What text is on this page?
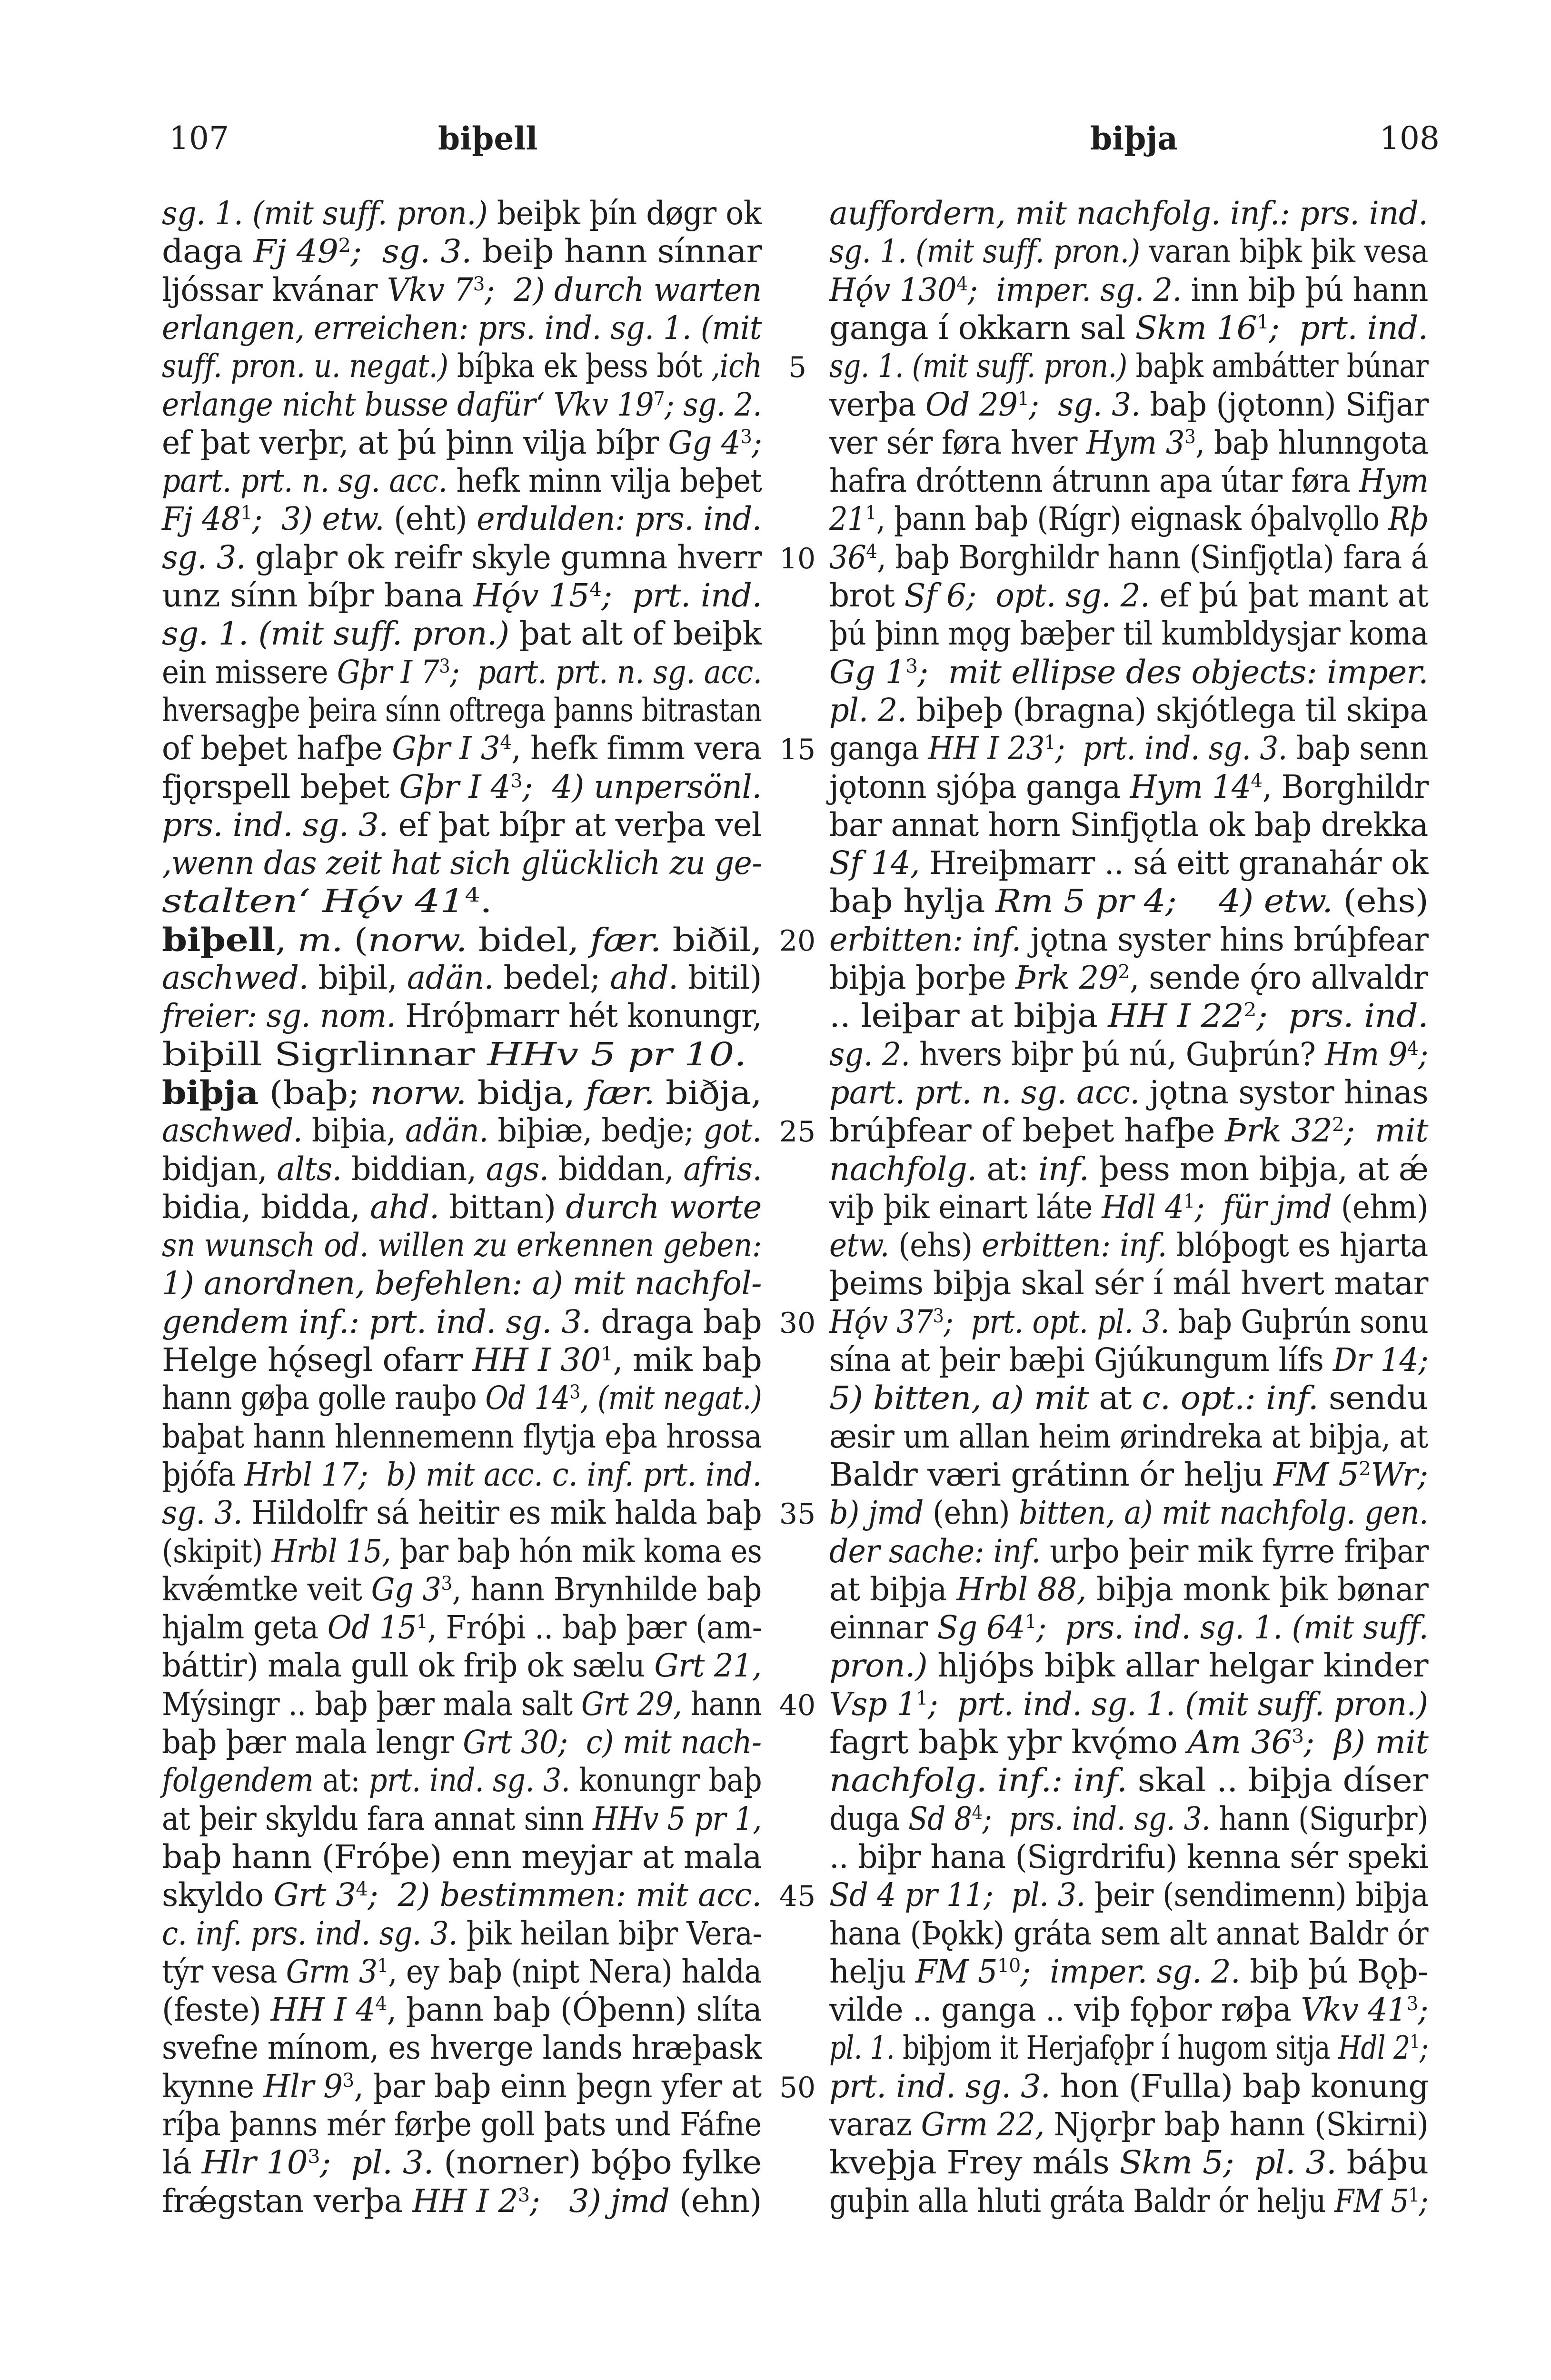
107	biþell	biþja	108
sg. 1. (mit suff. pron.) beiþk þín døgr ok
daga Fj $49^2$;  sg. 3. beiþ hann sínnar
ljóssar kvánar Vkv $7^3$;  2) durch warten
erlangen, erreichen: prs. ind. sg. 1. (mit
suff. pron. u. negat.) bíþka ek þess bót ‚ich
erlange nicht busse dafür‘ Vkv $19^7$; sg. 2.
ef þat verþr, at þú þinn vilja bíþr Gg $4^3$;
part. prt. n. sg. acc. hefk minn vilja beþet
Fj $48^1$;  3) etw. (eht) erdulden: prs. ind.
sg. 3. glaþr ok reifr skyle gumna hverr
unz sínn bíþr bana Hǫ́v $15^4$;  prt. ind.
sg. 1. (mit suff. pron.) þat alt of beiþk
ein missere Gþr I $7^3$;  part. prt. n. sg. acc.
hversagþe þeira sínn oftrega þanns bitrastan
of beþet hafþe Gþr I $3^4$, hefk fimm vera
fjǫrspell beþet Gþr I $4^3$;  4) unpersönl.
prs. ind. sg. 3. ef þat bíþr at verþa vel
‚wenn das zeit hat sich glücklich zu ge-
stalten‘ Hǫ́v $41^4$.
biþell, m. (norw. bidel, fær. biðil,
aschwed. biþil, adän. bedel; ahd. bitil)
freier: sg. nom. Hróþmarr hét konungr,
biþill Sigrlinnar HHv 5 pr 10.
biþja (baþ; norw. bidja, fær. biðja,
aschwed. biþia, adän. biþiæ, bedje; got.
bidjan, alts. biddian, ags. biddan, afris.
bidia, bidda, ahd. bittan) durch worte
sn wunsch od. willen zu erkennen geben:
1) anordnen, befehlen: a) mit nachfol-
gendem inf.: prt. ind. sg. 3. draga baþ
Helge hǫ́segl ofarr HH I $30^1$, mik baþ
hann gøþa golle rauþo Od $14^3$, (mit negat.)
baþat hann hlennemenn flytja eþa hrossa
þjófa Hrbl 17;  b) mit acc. c. inf. prt. ind.
sg. 3. Hildolfr sá heitir es mik halda baþ
(skipit) Hrbl 15, þar baþ hón mik koma es
kvǽmtke veit Gg $3^3$, hann Brynhilde baþ
hjalm geta Od $15^1$, Fróþi .. baþ þær (am-
báttir) mala gull ok friþ ok sælu Grt 21,
Mýsingr .. baþ þær mala salt Grt 29, hann
baþ þær mala lengr Grt 30;  c) mit nach-
folgendem at: prt. ind. sg. 3. konungr baþ
at þeir skyldu fara annat sinn HHv 5 pr 1,
baþ hann (Fróþe) enn meyjar at mala
skyldo Grt $3^4$;  2) bestimmen: mit acc.
c. inf. prs. ind. sg. 3. þik heilan biþr Vera-
týr vesa Grm $3^1$, ey baþ (nipt Nera) halda
(feste) HH I $4^4$, þann baþ (Óþenn) slíta
svefne mínom, es hverge lands hræþask
kynne Hlr $9^3$, þar baþ einn þegn yfer at
ríþa þanns mér førþe goll þats und Fáfne
lá Hlr $10^3$;  pl. 3. (norner) bǫ́þo fylke
frǽgstan verþa HH I $2^3$;   3) jmd (ehn)
5
10
15
20
25
30
35
40
45
50
auffordern, mit nachfolg. inf.: prs. ind.
sg. 1. (mit suff. pron.) varan biþk þik vesa
Hǫ́v $130^4$;  imper. sg. 2. inn biþ þú hann
ganga í okkarn sal Skm $16^1$;  prt. ind.
sg. 1. (mit suff. pron.) baþk ambátter búnar
verþa Od $29^1$;  sg. 3. baþ (jǫtonn) Sifjar
ver sér føra hver Hym $3^3$, baþ hlunngota
hafra dróttenn átrunn apa útar føra Hym
$21^1$, þann baþ (Rígr) eignask óþalvǫllo Rþ
$36^4$, baþ Borghildr hann (Sinfjǫtla) fara á
brot Sf 6;  opt. sg. 2. ef þú þat mant at
þú þinn mǫg bæþer til kumbldysjar koma
Gg $1^3$;  mit ellipse des objects: imper.
pl. 2. biþeþ (bragna) skjótlega til skipa
ganga HH I $23^1$;  prt. ind. sg. 3. baþ senn
jǫtonn sjóþa ganga Hym $14^4$, Borghildr
bar annat horn Sinfjǫtla ok baþ drekka
Sf 14, Hreiþmarr .. sá eitt granahár ok
baþ hylja Rm 5 pr 4;    4) etw. (ehs)
erbitten: inf. jǫtna syster hins brúþfear
biþja þorþe Þrk $29^2$, sende ǫ́ro allvaldr
.. leiþar at biþja HH I $22^2$;  prs. ind.
sg. 2. hvers biþr þú nú, Guþrún? Hm $9^4$;
part. prt. n. sg. acc. jǫtna systor hinas
brúþfear of beþet hafþe Þrk $32^2$;  mit
nachfolg. at: inf. þess mon biþja, at ǽ
viþ þik einart láte Hdl $4^1$;  für jmd (ehm)
etw. (ehs) erbitten: inf. blóþogt es hjarta
þeims biþja skal sér í mál hvert matar
Hǫ́v $37^3$;  prt. opt. pl. 3. baþ Guþrún sonu
sína at þeir bæþi Gjúkungum lífs Dr 14;
5) bitten, a) mit at c. opt.: inf. sendu
æsir um allan heim ørindreka at biþja, at
Baldr væri grátinn ór helju FM $5^2Wr$;
b) jmd (ehn) bitten, a) mit nachfolg. gen.
der sache: inf. urþo þeir mik fyrre friþar
at biþja Hrbl 88, biþja monk þik bønar
einnar Sg $64^1$;  prs. ind. sg. 1. (mit suff.
pron.) hljóþs biþk allar helgar kinder
Vsp $1^1$;  prt. ind. sg. 1. (mit suff. pron.)
fagrt baþk yþr kvǫ́mo Am $36^3$;  β) mit
nachfolg. inf.: inf. skal .. biþja díser
duga Sd $8^4$;  prs. ind. sg. 3. hann (Sigurþr)
.. biþr hana (Sigrdrifu) kenna sér speki
Sd 4 pr 11;  pl. 3. þeir (sendimenn) biþja
hana (Þǫkk) gráta sem alt annat Baldr ór
helju FM $5^{10}$;  imper. sg. 2. biþ þú Bǫþ-
vilde .. ganga .. viþ fǫþor røþa Vkv $41^3$;
pl. 1. biþjom it Herjafǫþr í hugom sitja Hdl $2^1$;
prt. ind. sg. 3. hon (Fulla) baþ konung
varaz Grm 22, Njǫrþr baþ hann (Skirni)
kveþja Frey máls Skm 5;  pl. 3. báþu
guþin alla hluti gráta Baldr ór helju FM $5^1$;
